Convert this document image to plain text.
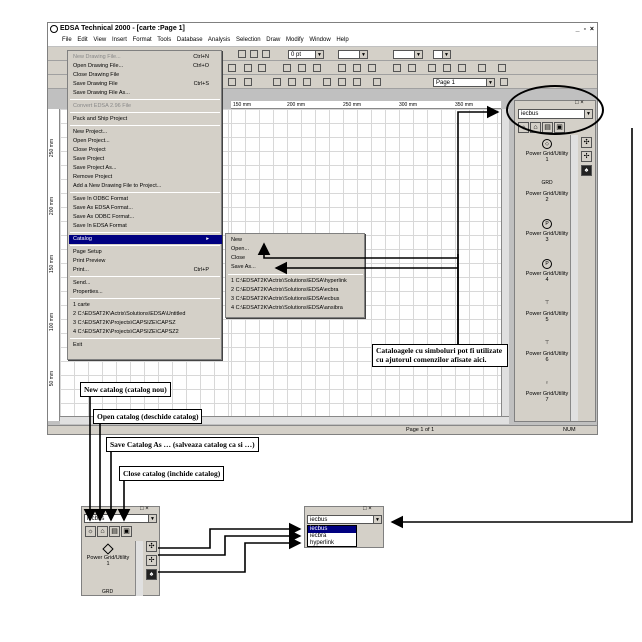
EDSA Technical 2000 - [carte :Page 1]	_ ▫ ×
File Edit View Insert Format Tools Database Analysis Selection Draw Modify Window Help
0 pt	▼	▼	▼	▼
Page 1	▼
150 mm	200 mm	250 mm	300 mm	350 mm
250 mm
200 mm
150 mm
100 mm
50 mm
Page 1 of 1	NUM
New Drawing File...	Ctrl+N
Open Drawing File...	Ctrl+O
Close Drawing File
Save Drawing File	Ctrl+S
Save Drawing File As...
Convert EDSA 2.96 File
Pack and Ship Project
New Project...
Open Project...
Close Project
Save Project
Save Project As...
Remove Project
Add a New Drawing File to Project...
Save In ODBC Format
Save As EDSA Format...
Save As ODBC Format...
Save In EDSA Format
Catalog	▸
Page Setup
Print Preview
Print...	Ctrl+P
Send...
Properties...
1 carte
2 C:\EDSAT2K\Actrix\Solutions\EDSA\Untitled
3 C:\EDSAT2K\Projects\CAPSIZE\CAPSZ
4 C:\EDSAT2K\Projects\CAPSIZE\CAPSZ2
Exit
New
Open...
Close
Save As...
1 C:\EDSAT2K\Actrix\Solutions\EDSA\hyperlink
2 C:\EDSAT2K\Actrix\Solutions\EDSA\ecbra
3 C:\EDSAT2K\Actrix\Solutions\EDSA\ecbus
4 C:\EDSAT2K\Actrix\Solutions\EDSA\ansibra
□ ×
iecbus	▼
☼ ⌂ ▤ ▣
✣
✢
♠
◇
Power Grid/Utility 1
GRD
Power Grid/Utility 2
P
Power Grid/Utility 3
P
Power Grid/Utility 4
⊤
Power Grid/Utility 5
⊤
Power Grid/Utility 6
♀
Power Grid/Utility 7
Cataloagele cu simboluri pot fi utilizate cu ajutorul comenzilor afisate aici.
New catalog (catalog nou)
Open catalog (deschide catalog)
Save Catalog As … (salveaza catalog ca si …)
Close catalog (inchide catalog)
□ ×
iecbus	▼
☼ ⌂ ▤ ▣
✣
✢
♠
Power Grid/Utility 1
GRD
□ ×
iecbus	▼
iecbus
iecbra
hyperlink
